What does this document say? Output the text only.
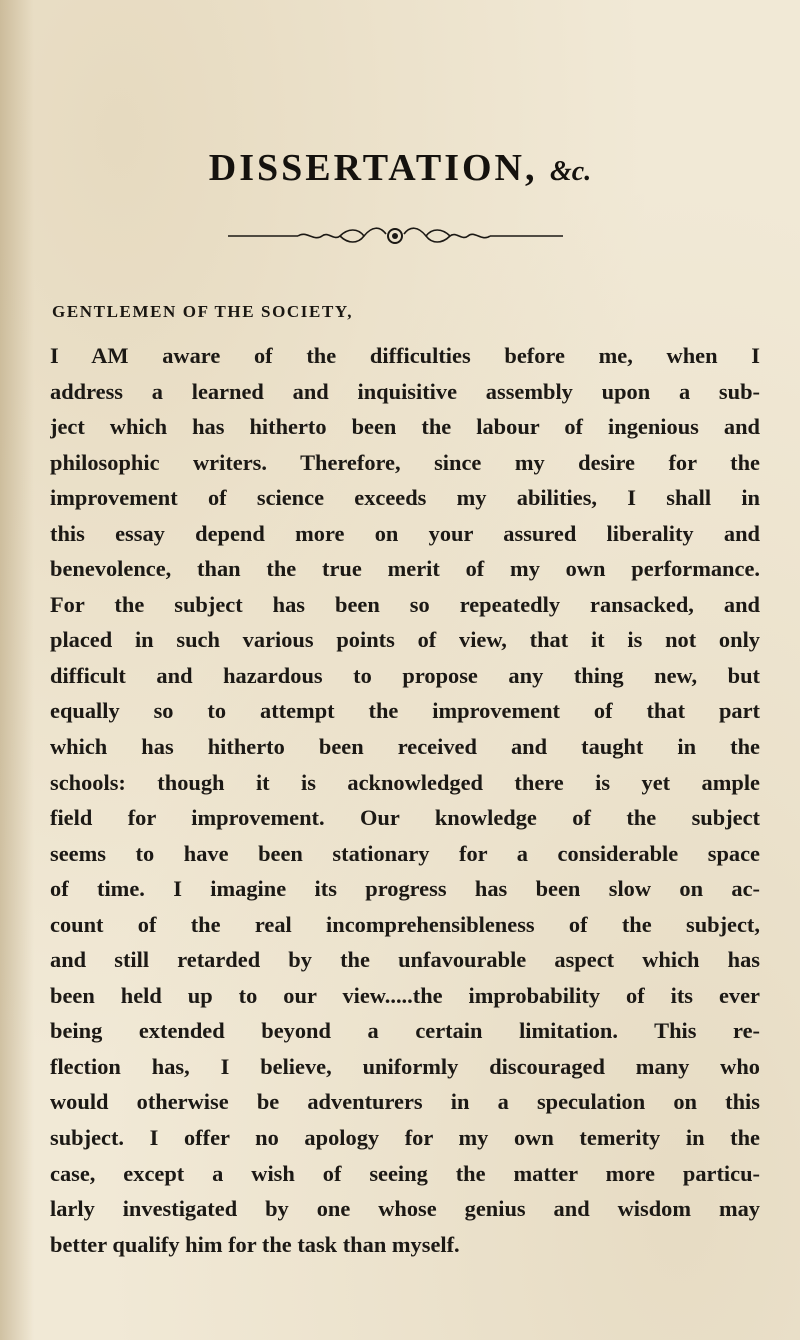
DISSERTATION, &c.
GENTLEMEN OF THE SOCIETY,
I AM aware of the difficulties before me, when I
address a learned and inquisitive assembly upon a sub-
ject which has hitherto been the labour of ingenious and
philosophic writers. Therefore, since my desire for the
improvement of science exceeds my abilities, I shall in
this essay depend more on your assured liberality and
benevolence, than the true merit of my own performance.
For the subject has been so repeatedly ransacked, and
placed in such various points of view, that it is not only
difficult and hazardous to propose any thing new, but
equally so to attempt the improvement of that part
which has hitherto been received and taught in the
schools: though it is acknowledged there is yet ample
field for improvement. Our knowledge of the subject
seems to have been stationary for a considerable space
of time. I imagine its progress has been slow on ac-
count of the real incomprehensibleness of the subject,
and still retarded by the unfavourable aspect which has
been held up to our view.....the improbability of its ever
being extended beyond a certain limitation. This re-
flection has, I believe, uniformly discouraged many who
would otherwise be adventurers in a speculation on this
subject. I offer no apology for my own temerity in the
case, except a wish of seeing the matter more particu-
larly investigated by one whose genius and wisdom may
better qualify him for the task than myself.
